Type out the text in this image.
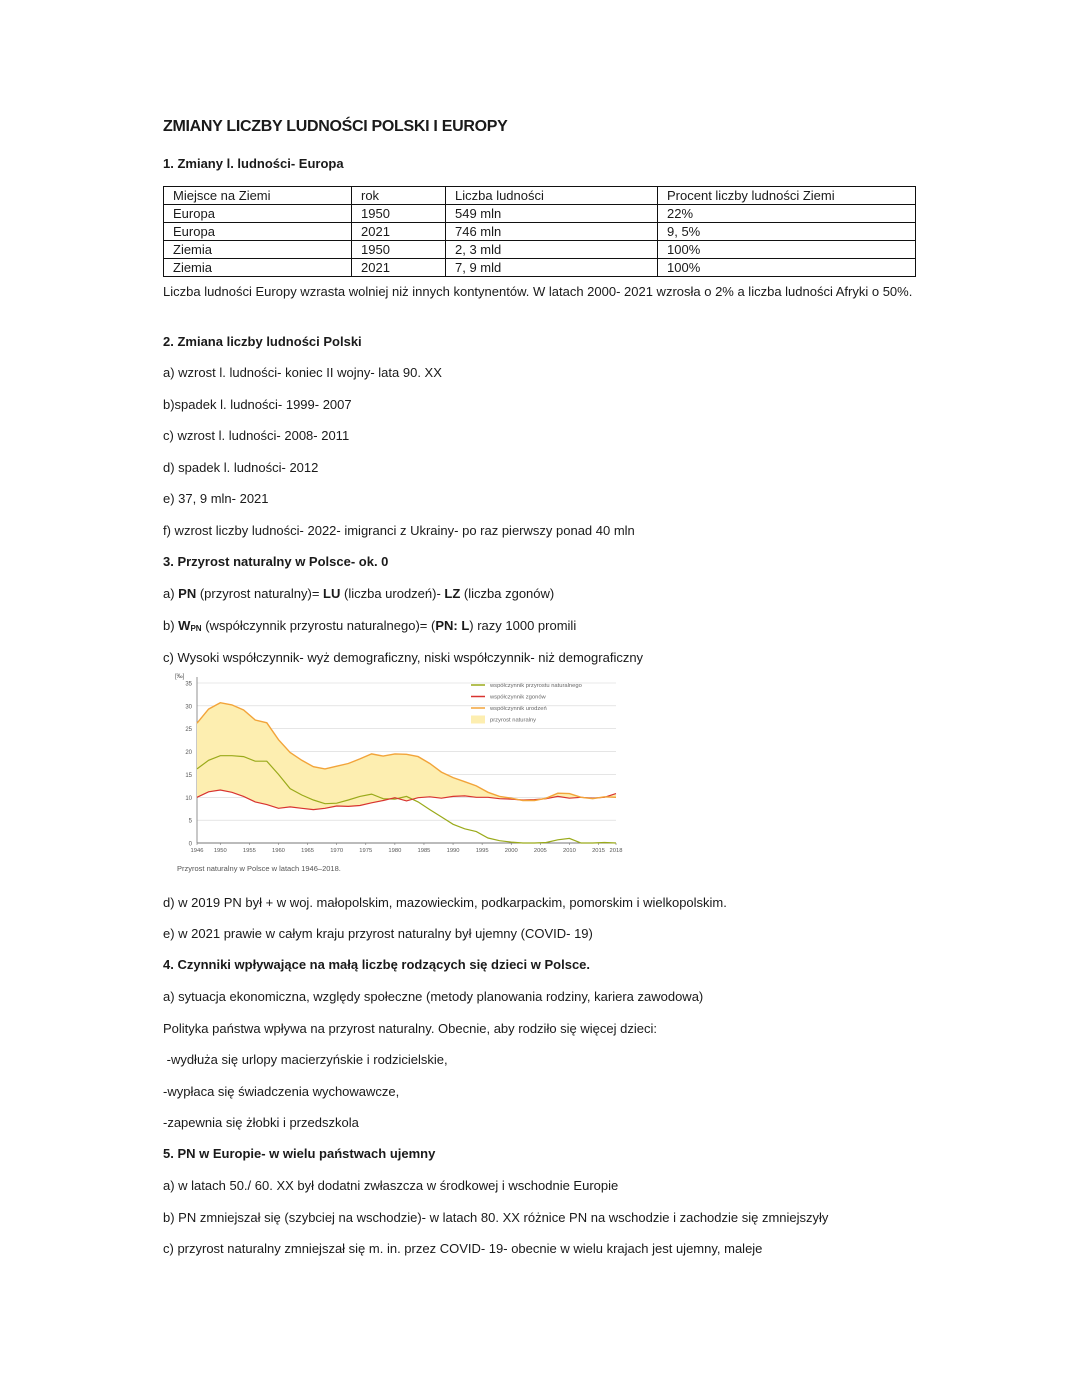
ZMIANY LICZBY LUDNOŚCI POLSKI I EUROPY
1. Zmiany l. ludności- Europa
Miejsce na Ziemi	rok	Liczba ludności	Procent liczby ludności Ziemi
Europa	1950	549 mln	22%
Europa	2021	746 mln	9, 5%
Ziemia	1950	2, 3 mld	100%
Ziemia	2021	7, 9 mld	100%

Liczba ludności Europy wzrasta wolniej niż innych kontynentów. W latach 2000- 2021 wzrosła o 2% a liczba ludności Afryki o 50%.

2. Zmiana liczby ludności Polski

a) wzrost l. ludności- koniec II wojny- lata 90. XX

b)spadek l. ludności- 1999- 2007

c) wzrost l. ludności- 2008- 2011

d) spadek l. ludności- 2012

e) 37, 9 mln- 2021

f) wzrost liczby ludności- 2022- imigranci z Ukrainy- po raz pierwszy ponad 40 mln

3. Przyrost naturalny w Polsce- ok. 0

a) PN (przyrost naturalny)= LU (liczba urodzeń)- LZ (liczba zgonów)

b) $W_{PN}$ (współczynnik przyrostu naturalnego)= (PN: L) razy 1000 promili

c) Wysoki współczynnik- wyż demograficzny, niski współczynnik- niż demograficzny

0
5
10
15
20
25
30
35
[‰]
1946 1950	1955	1960	1965	1970	1975	1980	1985	1990	1995	2000	2005	2010	2015 2018
współczynnik przyrostu naturalnego
współczynnik zgonów
współczynnik urodzeń
przyrost naturalny
Przyrost naturalny w Polsce w latach 1946–2018.

d) w 2019 PN był + w woj. małopolskim, mazowieckim, podkarpackim, pomorskim i wielkopolskim.

e) w 2021 prawie w całym kraju przyrost naturalny był ujemny (COVID- 19)

4. Czynniki wpływające na małą liczbę rodzących się dzieci w Polsce.

a) sytuacja ekonomiczna, względy społeczne (metody planowania rodziny, kariera zawodowa)

Polityka państwa wpływa na przyrost naturalny. Obecnie, aby rodziło się więcej dzieci:

-wydłuża się urlopy macierzyńskie i rodzicielskie,

-wypłaca się świadczenia wychowawcze,

-zapewnia się żłobki i przedszkola

5. PN w Europie- w wielu państwach ujemny

a) w latach 50./ 60. XX był dodatni zwłaszcza w środkowej i wschodnie Europie

b) PN zmniejszał się (szybciej na wschodzie)- w latach 80. XX różnice PN na wschodzie i zachodzie się zmniejszyły

c) przyrost naturalny zmniejszał się m. in. przez COVID- 19- obecnie w wielu krajach jest ujemny, maleje
